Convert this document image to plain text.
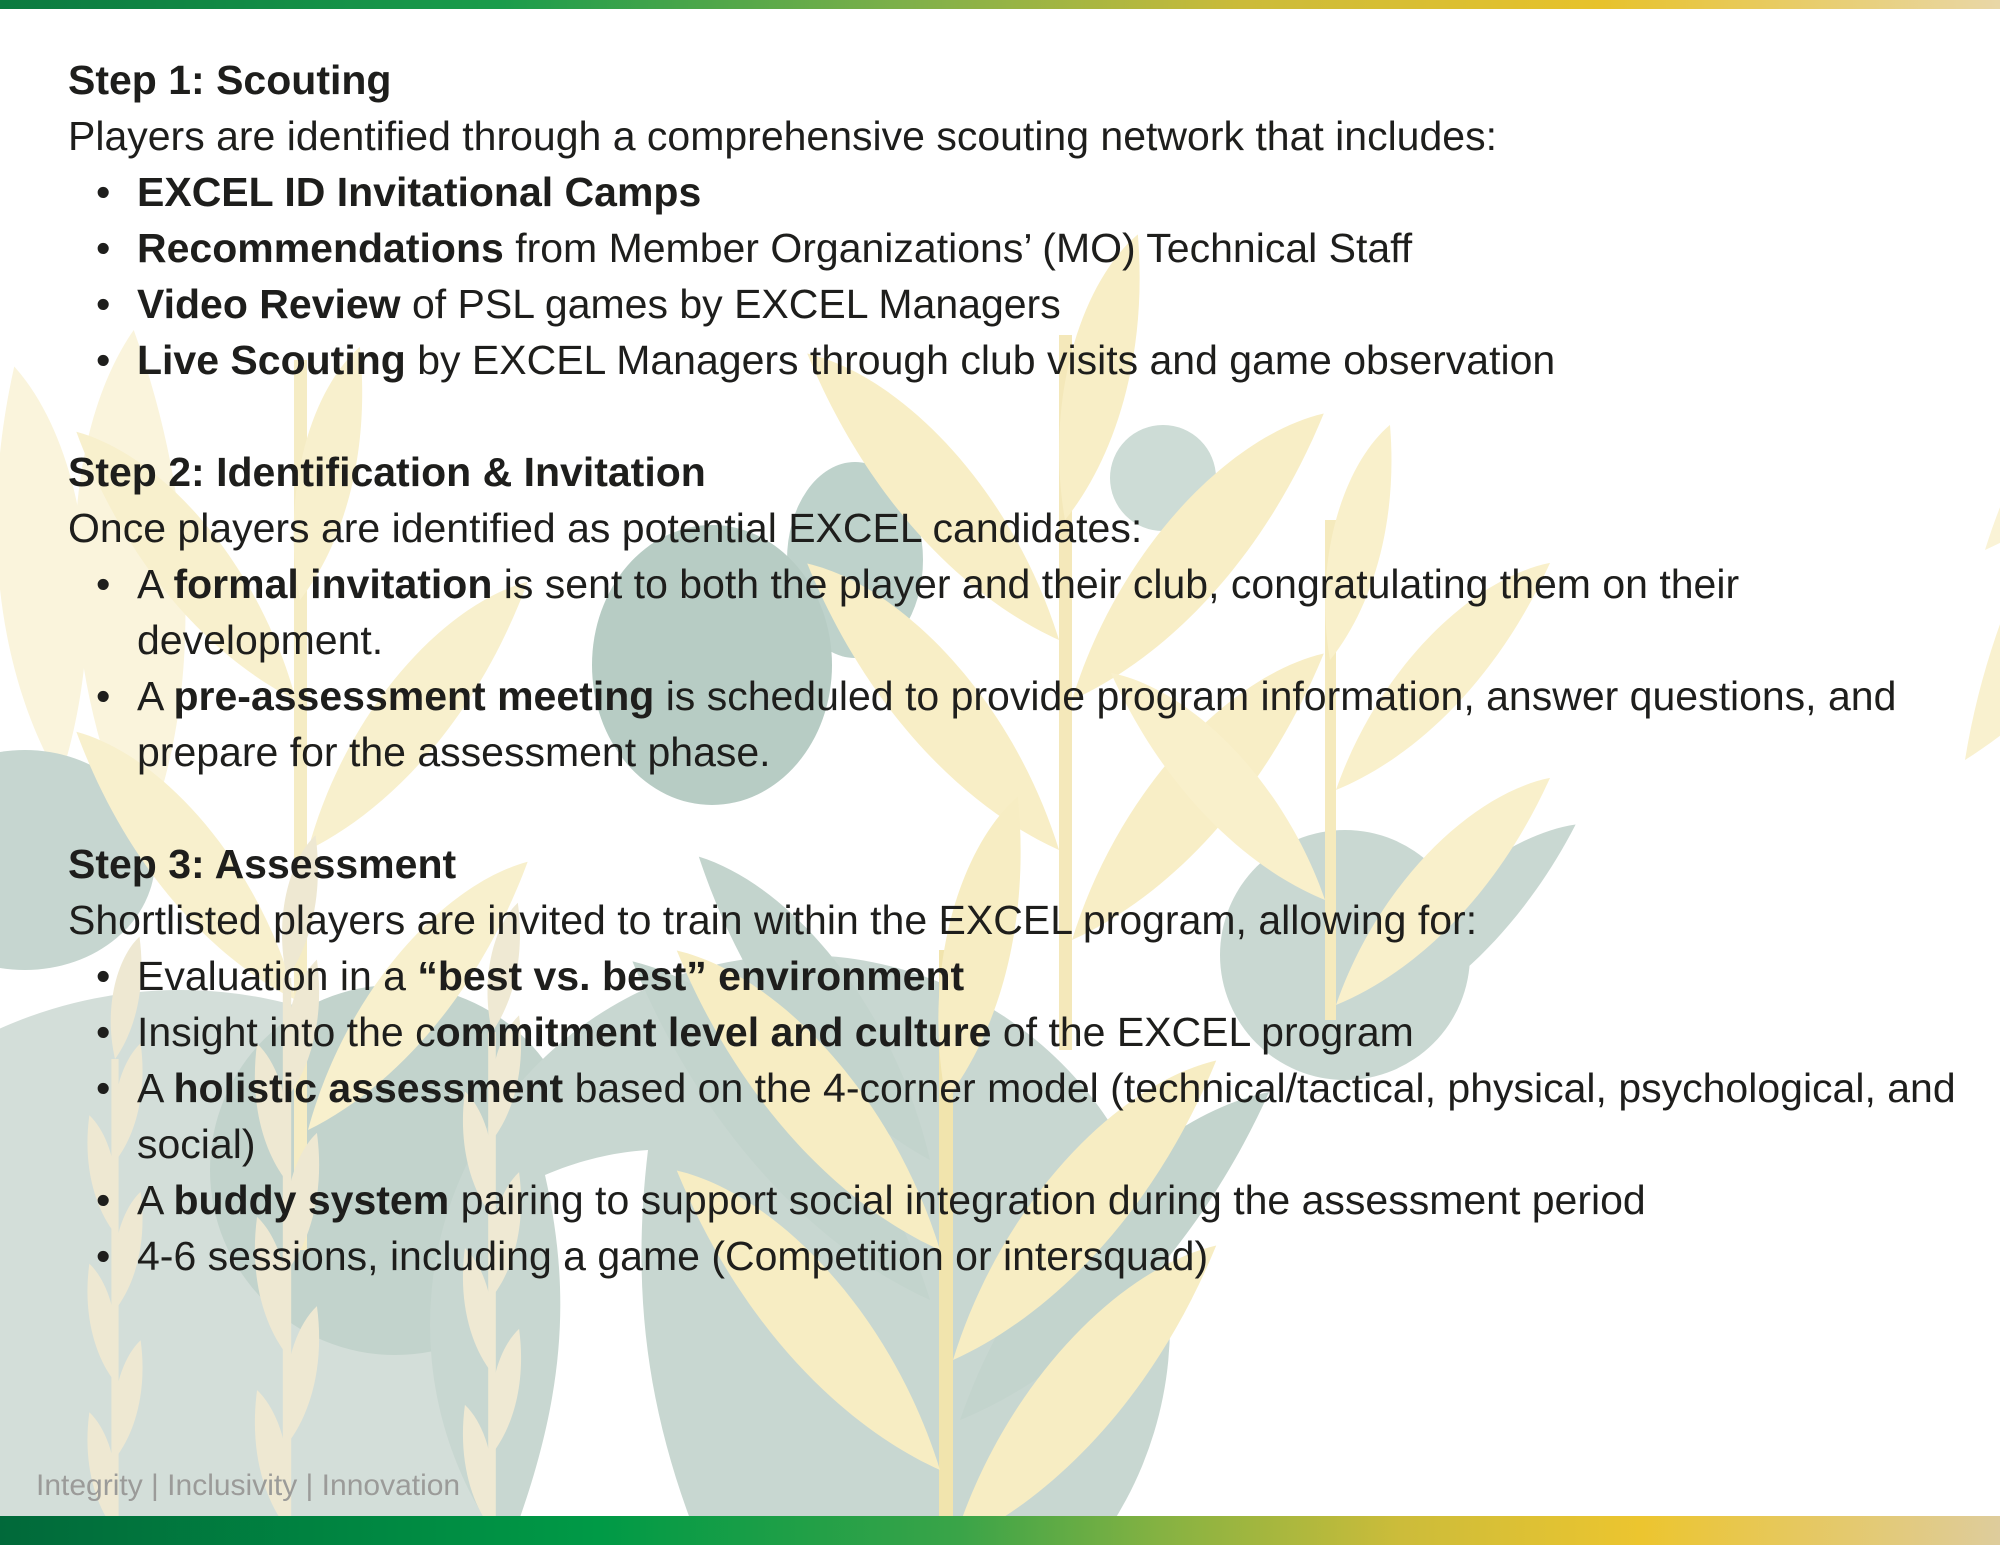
Step 1: Scouting

Players are identified through a comprehensive scouting network that includes:

• EXCEL ID Invitational Camps
• Recommendations from Member Organizations’ (MO) Technical Staff
• Video Review of PSL games by EXCEL Managers
• Live Scouting by EXCEL Managers through club visits and game observation
Step 2: Identification & Invitation

Once players are identified as potential EXCEL candidates:

• A formal invitation is sent to both the player and their club, congratulating them on their development.
• A pre-assessment meeting is scheduled to provide program information, answer questions, and prepare for the assessment phase.
Step 3: Assessment

Shortlisted players are invited to train within the EXCEL program, allowing for:

• Evaluation in a “best vs. best” environment
• Insight into the commitment level and culture of the EXCEL program
• A holistic assessment based on the 4-corner model (technical/tactical, physical, psychological, and social)
• A buddy system pairing to support social integration during the assessment period
• 4-6 sessions, including a game (Competition or intersquad)
Integrity | Inclusivity | Innovation
